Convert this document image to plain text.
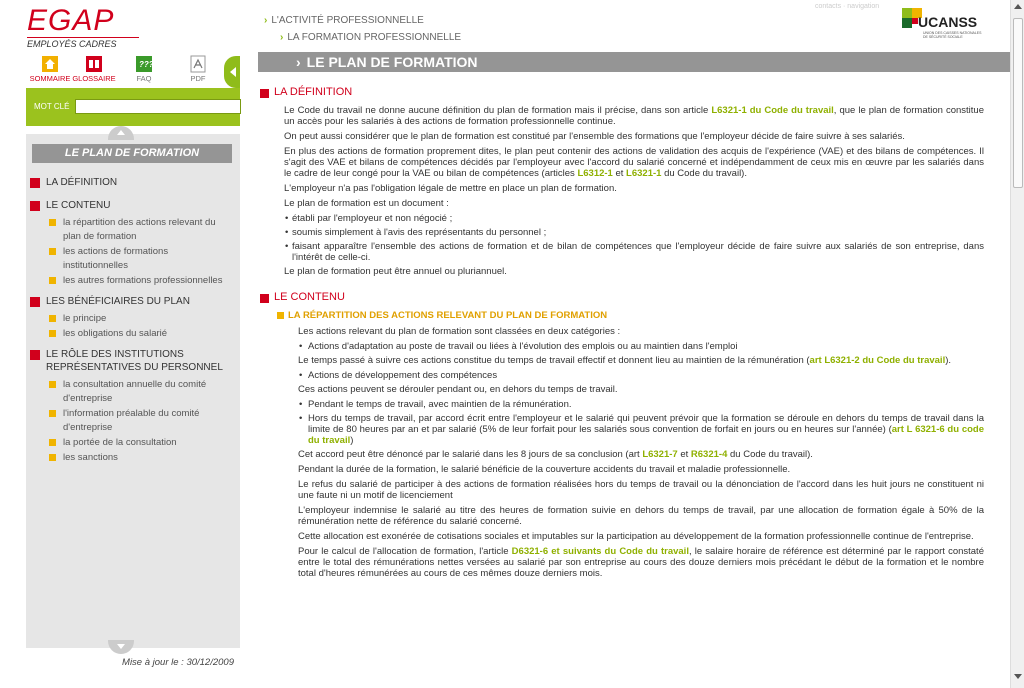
EGAP
EMPLOYÉS CADRES
SOMMAIRE GLOSSAIRE
???
FAQ	PDF
MOT CLÉ
LE PLAN DE FORMATION
LA DÉFINITION
LE CONTENU
la répartition des actions relevant du plan de formation
les actions de formations institutionnelles
les autres formations professionnelles
LES BÉNÉFICIAIRES DU PLAN
le principe
les obligations du salarié
LE RÔLE DES INSTITUTIONS REPRÉSENTATIVES DU PERSONNEL
la consultation annuelle du comité d'entreprise
l'information préalable du comité d'entreprise
la portée de la consultation
les sanctions
Mise à jour le : 30/12/2009
› L'ACTIVITÉ PROFESSIONNELLE
› LA FORMATION PROFESSIONNELLE
contacts · navigation
UCANSS
UNION DES CAISSES NATIONALES DE SÉCURITÉ SOCIALE
› LE PLAN DE FORMATION
LA DÉFINITION
Le Code du travail ne donne aucune définition du plan de formation mais il précise, dans son article L6321-1 du Code du travail, que le plan de formation constitue un accès pour les salariés à des actions de formation professionnelle continue.
On peut aussi considérer que le plan de formation est constitué par l'ensemble des formations que l'employeur décide de faire suivre à ses salariés.
En plus des actions de formation proprement dites, le plan peut contenir des actions de validation des acquis de l'expérience (VAE) et des bilans de compétences. Il s'agit des VAE et bilans de compétences décidés par l'employeur avec l'accord du salarié concerné et indépendamment de ceux mis en œuvre par les salariés dans le cadre de leur congé pour la VAE ou bilan de compétences (articles L6312-1 et L6321-1 du Code du travail).
L'employeur n'a pas l'obligation légale de mettre en place un plan de formation.
Le plan de formation est un document :
• établi par l'employeur et non négocié ;
• soumis simplement à l'avis des représentants du personnel ;
• faisant apparaître l'ensemble des actions de formation et de bilan de compétences que l'employeur décide de faire suivre aux salariés de son entreprise, dans l'intérêt de celle-ci.
Le plan de formation peut être annuel ou pluriannuel.
LE CONTENU
LA RÉPARTITION DES ACTIONS RELEVANT DU PLAN DE FORMATION
Les actions relevant du plan de formation sont classées en deux catégories :
• Actions d'adaptation au poste de travail ou liées à l'évolution des emplois ou au maintien dans l'emploi
Le temps passé à suivre ces actions constitue du temps de travail effectif et donnent lieu au maintien de la rémunération (art L6321-2 du Code du travail).
• Actions de développement des compétences
Ces actions peuvent se dérouler pendant ou, en dehors du temps de travail.
• Pendant le temps de travail, avec maintien de la rémunération.
• Hors du temps de travail, par accord écrit entre l'employeur et le salarié qui peuvent prévoir que la formation se déroule en dehors du temps de travail dans la limite de 80 heures par an et par salarié (5% de leur forfait pour les salariés sous convention de forfait en jours ou en heures sur l'année) (art L 6321-6 du code du travail)
Cet accord peut être dénoncé par le salarié dans les 8 jours de sa conclusion (art L6321-7 et R6321-4 du Code du travail).
Pendant la durée de la formation, le salarié bénéficie de la couverture accidents du travail et maladie professionnelle.
Le refus du salarié de participer à des actions de formation réalisées hors du temps de travail ou la dénonciation de l'accord dans les huit jours ne constituent ni une faute ni un motif de licenciement
L'employeur indemnise le salarié au titre des heures de formation suivie en dehors du temps de travail, par une allocation de formation égale à 50% de la rémunération nette de référence du salarié concerné.
Cette allocation est exonérée de cotisations sociales et imputables sur la participation au développement de la formation professionnelle continue de l'entreprise.
Pour le calcul de l'allocation de formation, l'article D6321-6 et suivants du Code du travail, le salaire horaire de référence est déterminé par le rapport constaté entre le total des rémunérations nettes versées au salarié par son entreprise au cours des douze derniers mois précédant le début de la formation et le nombre total d'heures rémunérées au cours de ces mêmes douze derniers mois.
